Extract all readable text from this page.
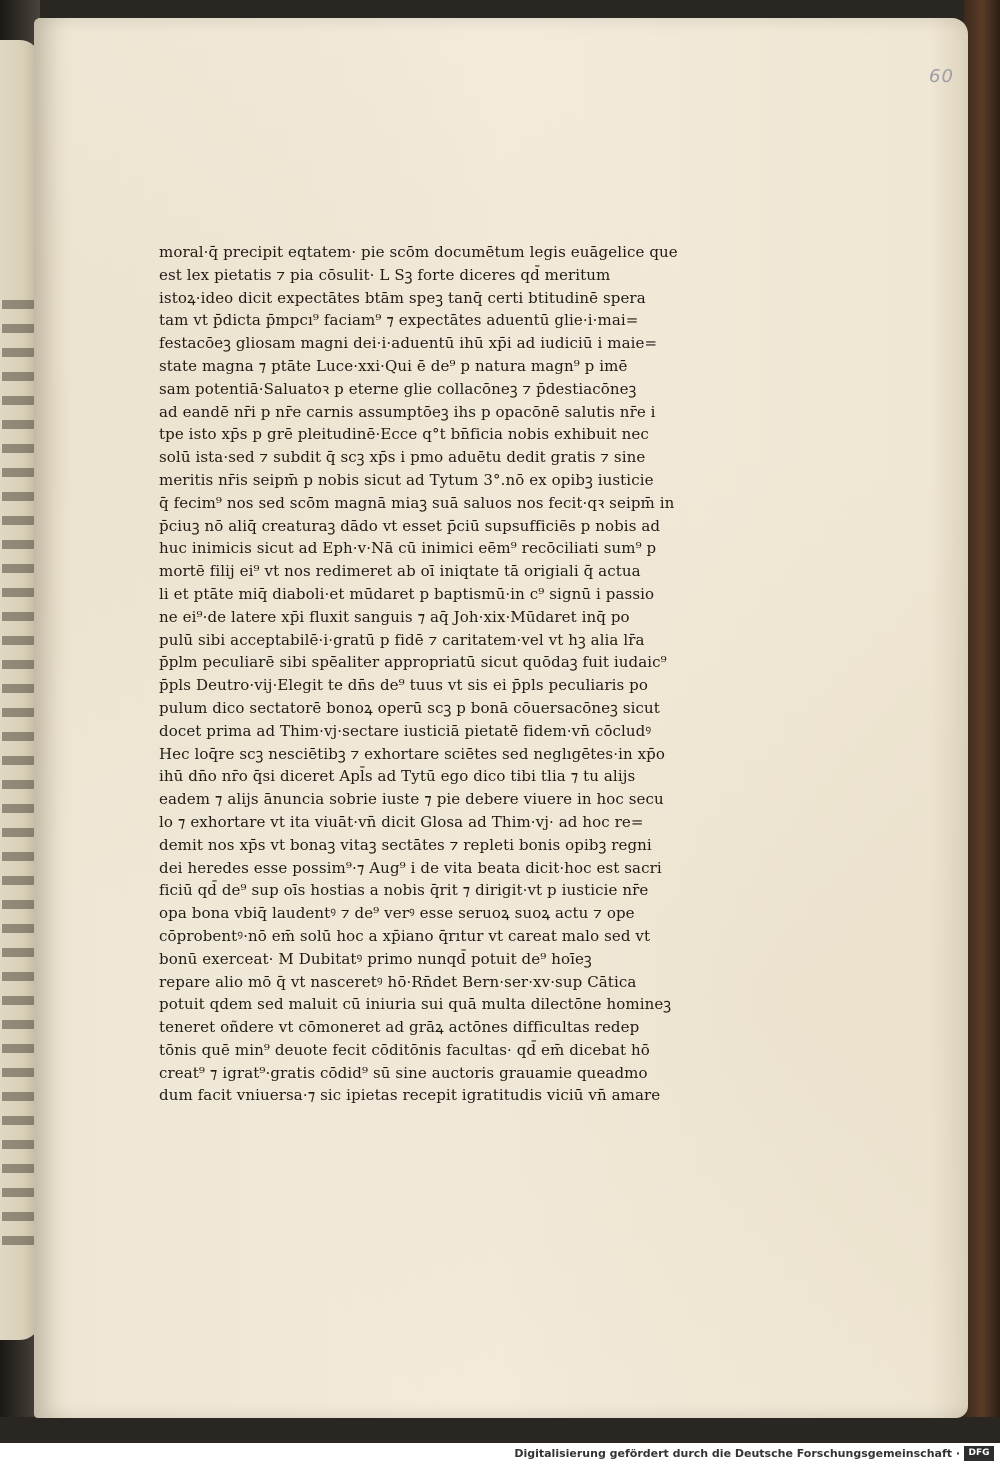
60

moral·q̄ precipit eqtatem· pie scōm documētum legis euāgelice que
est lex pietatis ⁊ pia cōsulit· L Sꝫ forte diceres qd̄ meritum
istoꝝ·ideo dicit expectātes btām speꝫ tanq̄ certi btitudinē spera
tam vt p̄dicta p̄mpcı⁹ faciam⁹ ⁊ expectātes aduentū glie·i·mai=
festacōeꝫ gliosam magni dei·i·aduentū ihū xp̄i ad iudiciū i maie=
state magna ⁊ ptāte Luce·xxi·Qui ē de⁹ p natura magn⁹ p imē
sam potentiā·Saluatoꝛ p eterne glie collacōneꝫ ⁊ p̄destiacōneꝫ
ad eandē nr̄i p nr̄e carnis assumptōeꝫ ihs p opacōnē salutis nr̄e i
tpe isto xp̄s p grē pleitudinē·Ecce q°t bn̄ficia nobis exhibuit nec
solū ista·sed ⁊ subdit q̄ scꝫ xp̄s i pmo aduētu dedit gratis ⁊ sine
meritis nr̄is seipm̄ p nobis sicut ad Tytum 3°.nō ex opibꝫ iusticie
q̄ fecim⁹ nos sed scōm magnā miaꝫ suā saluos nos fecit·qꝛ seipm̄ in
p̄ciuꝫ nō aliq̄ creaturaꝫ dādo vt esset p̄ciū supsufficiēs p nobis ad
huc inimicis sicut ad Eph·v·Nā cū inimici eēm⁹ recōciliati sum⁹ p
mortē filij ei⁹ vt nos redimeret ab oī iniqtate tā origiali q̄ actua
li et ptāte miq̄ diaboli·et mūdaret p baptismū·in c⁹ signū i passio
ne ei⁹·de latere xp̄i fluxit sanguis ⁊ aq̄ Joh·xix·Mūdaret inq̄ po
pulū sibi acceptabilē·i·gratū p fidē ⁊ caritatem·vel vt hꝫ alia lr̄a
p̄plm peculiarē sibi spēaliter appropriatū sicut quōdaꝫ fuit iudaic⁹
p̄pls Deutro·vij·Elegit te dn̄s de⁹ tuus vt sis ei p̄pls peculiaris po
pulum dico sectatorē bonoꝝ operū scꝫ p bonā cōuersacōneꝫ sicut
docet prima ad Thim·vj·sectare iusticiā pietatē fidem·vn̄ cōcludꝰ
Hec loq̄re scꝫ nesciētibꝫ ⁊ exhortare sciētes sed neglıgētes·in xp̄o
ihū dn̄o nr̄o q̄si diceret Apl̄s ad Tytū ego dico tibi tlia ⁊ tu alijs
eadem ⁊ alijs ānuncia sobrie iuste ⁊ pie debere viuere in hoc secu
lo ⁊ exhortare vt ita viuāt·vn̄ dicit Glosa ad Thim·vj· ad hoc re=
demit nos xp̄s vt bonaꝫ vitaꝫ sectātes ⁊ repleti bonis opibꝫ regni
dei heredes esse possim⁹·⁊ Aug⁹ i de vita beata dicit·hoc est sacri
ficiū qd̄ de⁹ sup oīs hostias a nobis q̄rit ⁊ dirigit·vt p iusticie nr̄e
opa bona vbiq̄ laudentꝰ ⁊ de⁹ verꝰ esse seruoꝝ suoꝝ actu ⁊ ope
cōprobentꝰ·nō em̄ solū hoc a xp̄iano q̄rıtur vt careat malo sed vt
bonū exerceat· M Dubitatꝰ primo nunqd̄ potuit de⁹ hoīeꝫ
repare alio mō q̄ vt nasceretꝰ hō·Rn̄det Bern·ser·xv·sup Cātica
potuit qdem sed maluit cū iniuria sui quā multa dilectōne homineꝫ
teneret oñdere vt cōmoneret ad grāꝝ actōnes difficultas redep
tōnis quē min⁹ deuote fecit cōditōnis facultas· qd̄ em̄ dicebat hō
creat⁹ ⁊ igrat⁹·gratis cōdid⁹ sū sine auctoris grauamie queadmo
dum facit vniuersa·⁊ sic ipietas recepit igratitudis viciū vn̄ amare
Digitalisierung gefördert durch die Deutsche Forschungsgemeinschaft · DFG
